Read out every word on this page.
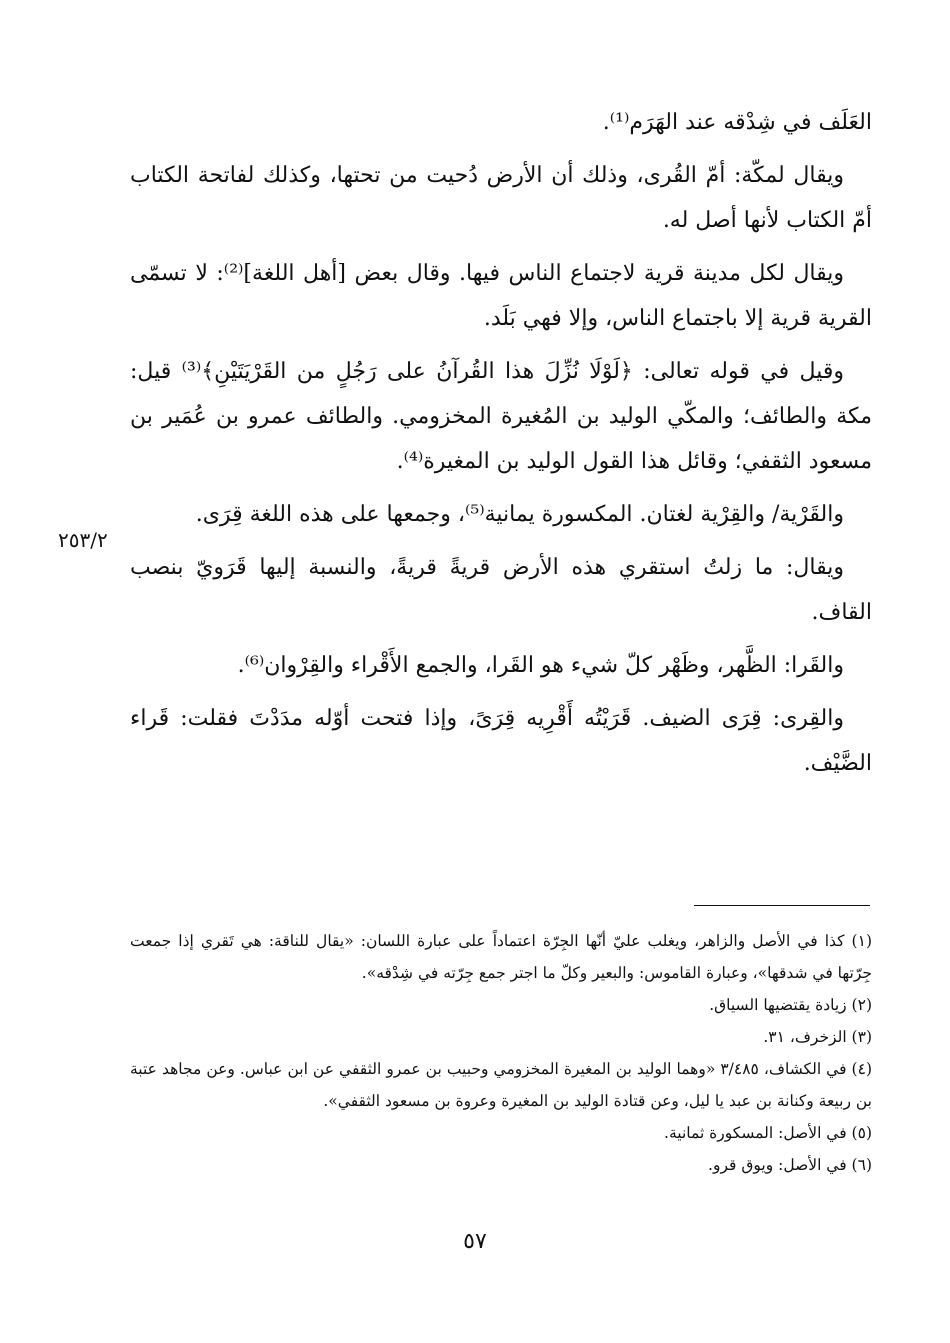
العَلَف في شِدْقه عند الهَرَم⁽¹⁾.

ويقال لمكّة: أمّ القُرى، وذلك أن الأرض دُحيت من تحتها، وكذلك لفاتحة الكتاب أمّ الكتاب لأنها أصل له.

ويقال لكل مدينة قرية لاجتماع الناس فيها. وقال بعض [أهل اللغة]⁽²⁾: لا تسمّى القرية قرية إلا باجتماع الناس، وإلا فهي بَلَد.

وقيل في قوله تعالى: ﴿لَوْلَا نُزِّلَ هذا القُرآنُ على رَجُلٍ من القَرْيَتَيْنِ﴾⁽³⁾ قيل: مكة والطائف؛ والمكّي الوليد بن المُغيرة المخزومي. والطائف عمرو بن عُمَير بن مسعود الثقفي؛ وقائل هذا القول الوليد بن المغيرة⁽⁴⁾.

والقَرْية/ والقِرْية لغتان. المكسورة يمانية⁽⁵⁾، وجمعها على هذه اللغة قِرَى.

ويقال: ما زلتُ استقري هذه الأرض قريةً قريةً، والنسبة إليها قَرَويّ بنصب القاف.

والقَرا: الظَّهر، وظَهْر كلّ شيء هو القَرا، والجمع الأَقْراء والقِرْوان⁽⁶⁾.

والقِرى: قِرَى الضيف. قَرَيْتُه أَقْرِيه قِرَىً، وإذا فتحت أوّله مدَدْتَ فقلت: قَراء الضَّيْف.

٢٥٣/٢

(١) كذا في الأصل والزاهر، ويغلب عليّ أنّها الجِرّة اعتماداً على عبارة اللسان: «يقال للناقة: هي تَقري إذا جمعت جِرّتها في شدقها»، وعبارة القاموس: والبعير وكلّ ما اجتر جمع جِرّته في شِدْقه».

(٢) زيادة يقتضيها السياق.

(٣) الزخرف، ٣١.

(٤) في الكشاف، ٣/٤٨٥ «وهما الوليد بن المغيرة المخزومي وحبيب بن عمرو الثقفي عن ابن عباس. وعن مجاهد عتبة بن ربيعة وكنانة بن عبد يا ليل، وعن قتادة الوليد بن المغيرة وعروة بن مسعود الثقفي».

(٥) في الأصل: المسكورة ثمانية.

(٦) في الأصل: ويوق قرو.

٥٧
